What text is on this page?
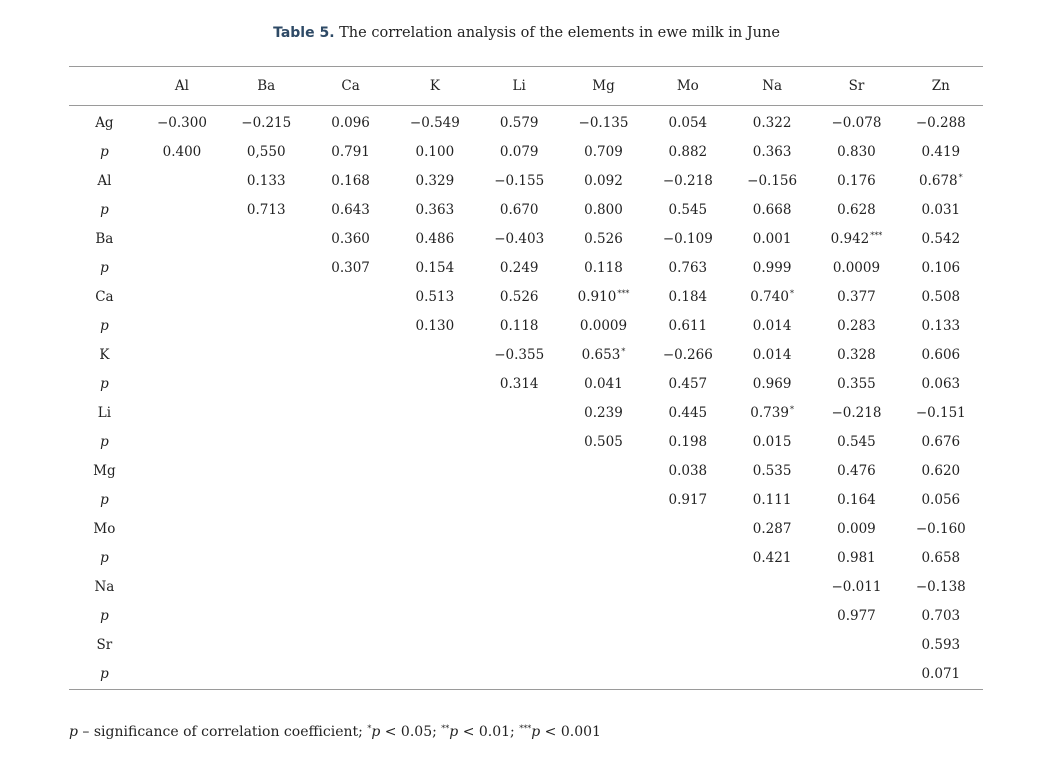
Table 5. The correlation analysis of the elements in ewe milk in June
	Al	Ba	Ca	K	Li	Mg	Mo	Na	Sr	Zn
Ag	−0.300	−0.215	0.096	−0.549	0.579	−0.135	0.054	0.322	−0.078	−0.288
p	0.400	0,550	0.791	0.100	0.079	0.709	0.882	0.363	0.830	0.419
Al		0.133	0.168	0.329	−0.155	0.092	−0.218	−0.156	0.176	0.678*
p		0.713	0.643	0.363	0.670	0.800	0.545	0.668	0.628	0.031
Ba			0.360	0.486	−0.403	0.526	−0.109	0.001	0.942***	0.542
p			0.307	0.154	0.249	0.118	0.763	0.999	0.0009	0.106
Ca				0.513	0.526	0.910***	0.184	0.740*	0.377	0.508
p				0.130	0.118	0.0009	0.611	0.014	0.283	0.133
K					−0.355	0.653*	−0.266	0.014	0.328	0.606
p					0.314	0.041	0.457	0.969	0.355	0.063
Li						0.239	0.445	0.739*	−0.218	−0.151
p						0.505	0.198	0.015	0.545	0.676
Mg							0.038	0.535	0.476	0.620
p							0.917	0.111	0.164	0.056
Mo								0.287	0.009	−0.160
p								0.421	0.981	0.658
Na									−0.011	−0.138
p									0.977	0.703
Sr										0.593
p										0.071
p – significance of correlation coefficient; *p < 0.05; **p < 0.01; ***p < 0.001
